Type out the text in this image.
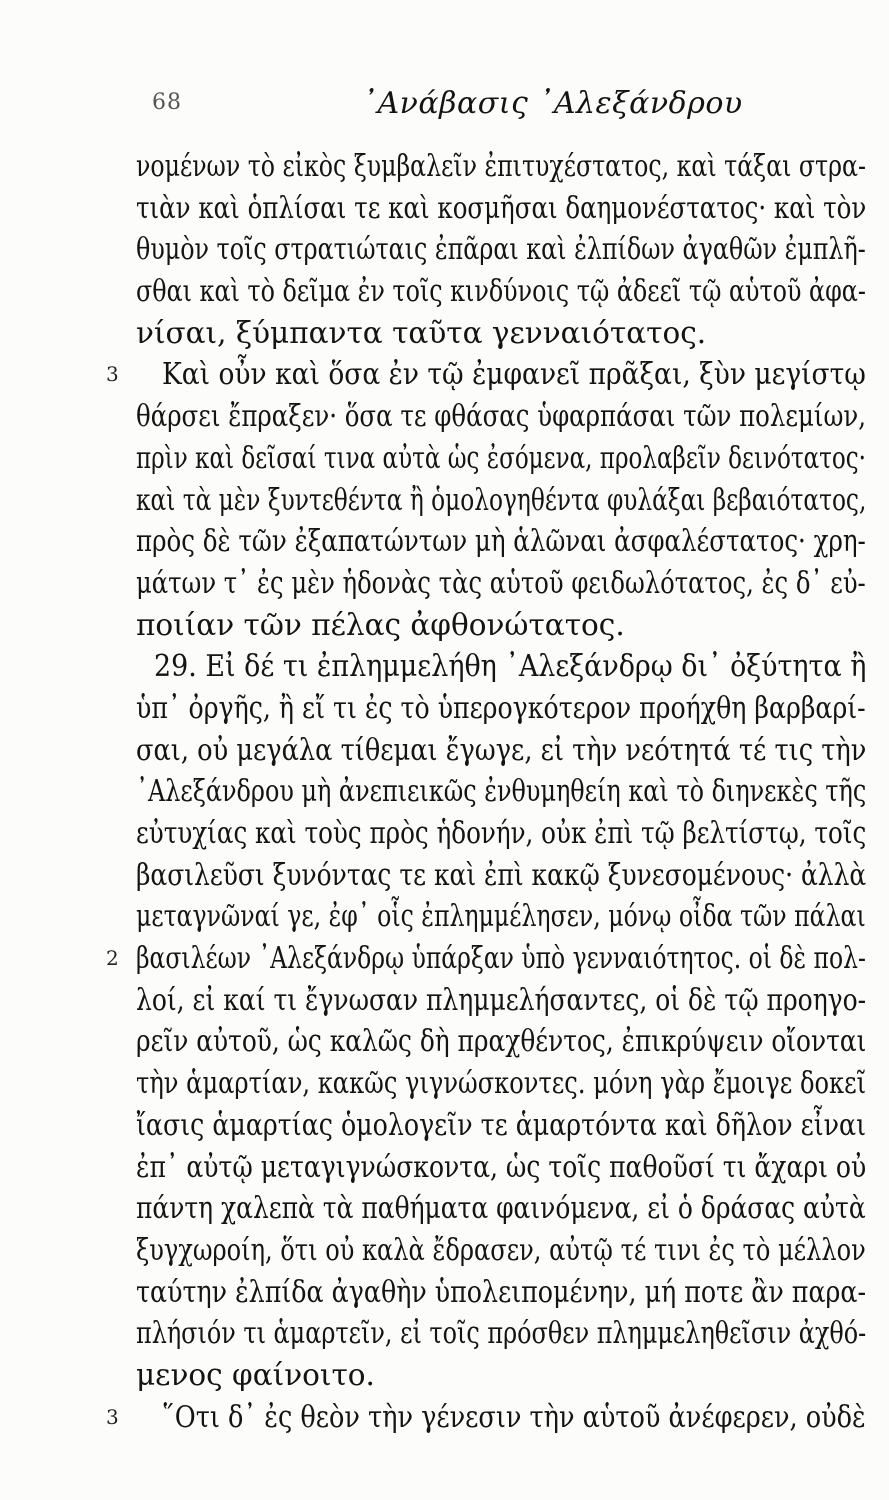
68	᾿Ανάβασις ᾿Αλεξάνδρου
νομένων τὸ εἰκὸς ξυμβαλεῖν ἐπιτυχέστατος, καὶ τάξαι στρα-
τιὰν καὶ ὁπλίσαι τε καὶ κοσμῆσαι δαημονέστατος· καὶ τὸν
θυμὸν τοῖς στρατιώταις ἐπᾶραι καὶ ἐλπίδων ἀγαθῶν ἐμπλῆ-
σθαι καὶ τὸ δεῖμα ἐν τοῖς κινδύνοις τῷ ἀδεεῖ τῷ αὑτοῦ ἀφα-
νίσαι, ξύμπαντα ταῦτα γενναιότατος.
3 Καὶ οὖν καὶ ὅσα ἐν τῷ ἐμφανεῖ πρᾶξαι, ξὺν μεγίστῳ
θάρσει ἔπραξεν· ὅσα τε φθάσας ὑφαρπάσαι τῶν πολεμίων,
πρὶν καὶ δεῖσαί τινα αὐτὰ ὡς ἐσόμενα, προλαβεῖν δεινότατος·
καὶ τὰ μὲν ξυντεθέντα ἢ ὁμολογηθέντα φυλάξαι βεβαιότατος,
πρὸς δὲ τῶν ἐξαπατώντων μὴ ἁλῶναι ἀσφαλέστατος· χρη-
μάτων τ᾿ ἐς μὲν ἡδονὰς τὰς αὑτοῦ φειδωλότατος, ἐς δ᾿ εὐ-
ποιίαν τῶν πέλας ἀφθονώτατος.
29. Εἰ δέ τι ἐπλημμελήθη ᾿Αλεξάνδρῳ δι᾿ ὀξύτητα ἢ
ὑπ᾿ ὀργῆς, ἢ εἴ τι ἐς τὸ ὑπερογκότερον προήχθη βαρβαρί-
σαι, οὐ μεγάλα τίθεμαι ἔγωγε, εἰ τὴν νεότητά τέ τις τὴν
᾿Αλεξάνδρου μὴ ἀνεπιεικῶς ἐνθυμηθείη καὶ τὸ διηνεκὲς τῆς
εὐτυχίας καὶ τοὺς πρὸς ἡδονήν, οὐκ ἐπὶ τῷ βελτίστῳ, τοῖς
βασιλεῦσι ξυνόντας τε καὶ ἐπὶ κακῷ ξυνεσομένους· ἀλλὰ
μεταγνῶναί γε, ἐφ᾿ οἷς ἐπλημμέλησεν, μόνῳ οἶδα τῶν πάλαι
2 βασιλέων ᾿Αλεξάνδρῳ ὑπάρξαν ὑπὸ γενναιότητος. οἱ δὲ πολ-
λοί, εἰ καί τι ἔγνωσαν πλημμελήσαντες, οἱ δὲ τῷ προηγο-
ρεῖν αὐτοῦ, ὡς καλῶς δὴ πραχθέντος, ἐπικρύψειν οἴονται
τὴν ἁμαρτίαν, κακῶς γιγνώσκοντες. μόνη γὰρ ἔμοιγε δοκεῖ
ἴασις ἁμαρτίας ὁμολογεῖν τε ἁμαρτόντα καὶ δῆλον εἶναι
ἐπ᾿ αὐτῷ μεταγιγνώσκοντα, ὡς τοῖς παθοῦσί τι ἄχαρι οὐ
πάντη χαλεπὰ τὰ παθήματα φαινόμενα, εἰ ὁ δράσας αὐτὰ
ξυγχωροίη, ὅτι οὐ καλὰ ἔδρασεν, αὐτῷ τέ τινι ἐς τὸ μέλλον
ταύτην ἐλπίδα ἀγαθὴν ὑπολειπομένην, μή ποτε ἂν παρα-
πλήσιόν τι ἁμαρτεῖν, εἰ τοῖς πρόσθεν πλημμεληθεῖσιν ἀχθό-
μενος φαίνοιτο.
3 ῞Οτι δ᾿ ἐς θεὸν τὴν γένεσιν τὴν αὑτοῦ ἀνέφερεν, οὐδὲ
